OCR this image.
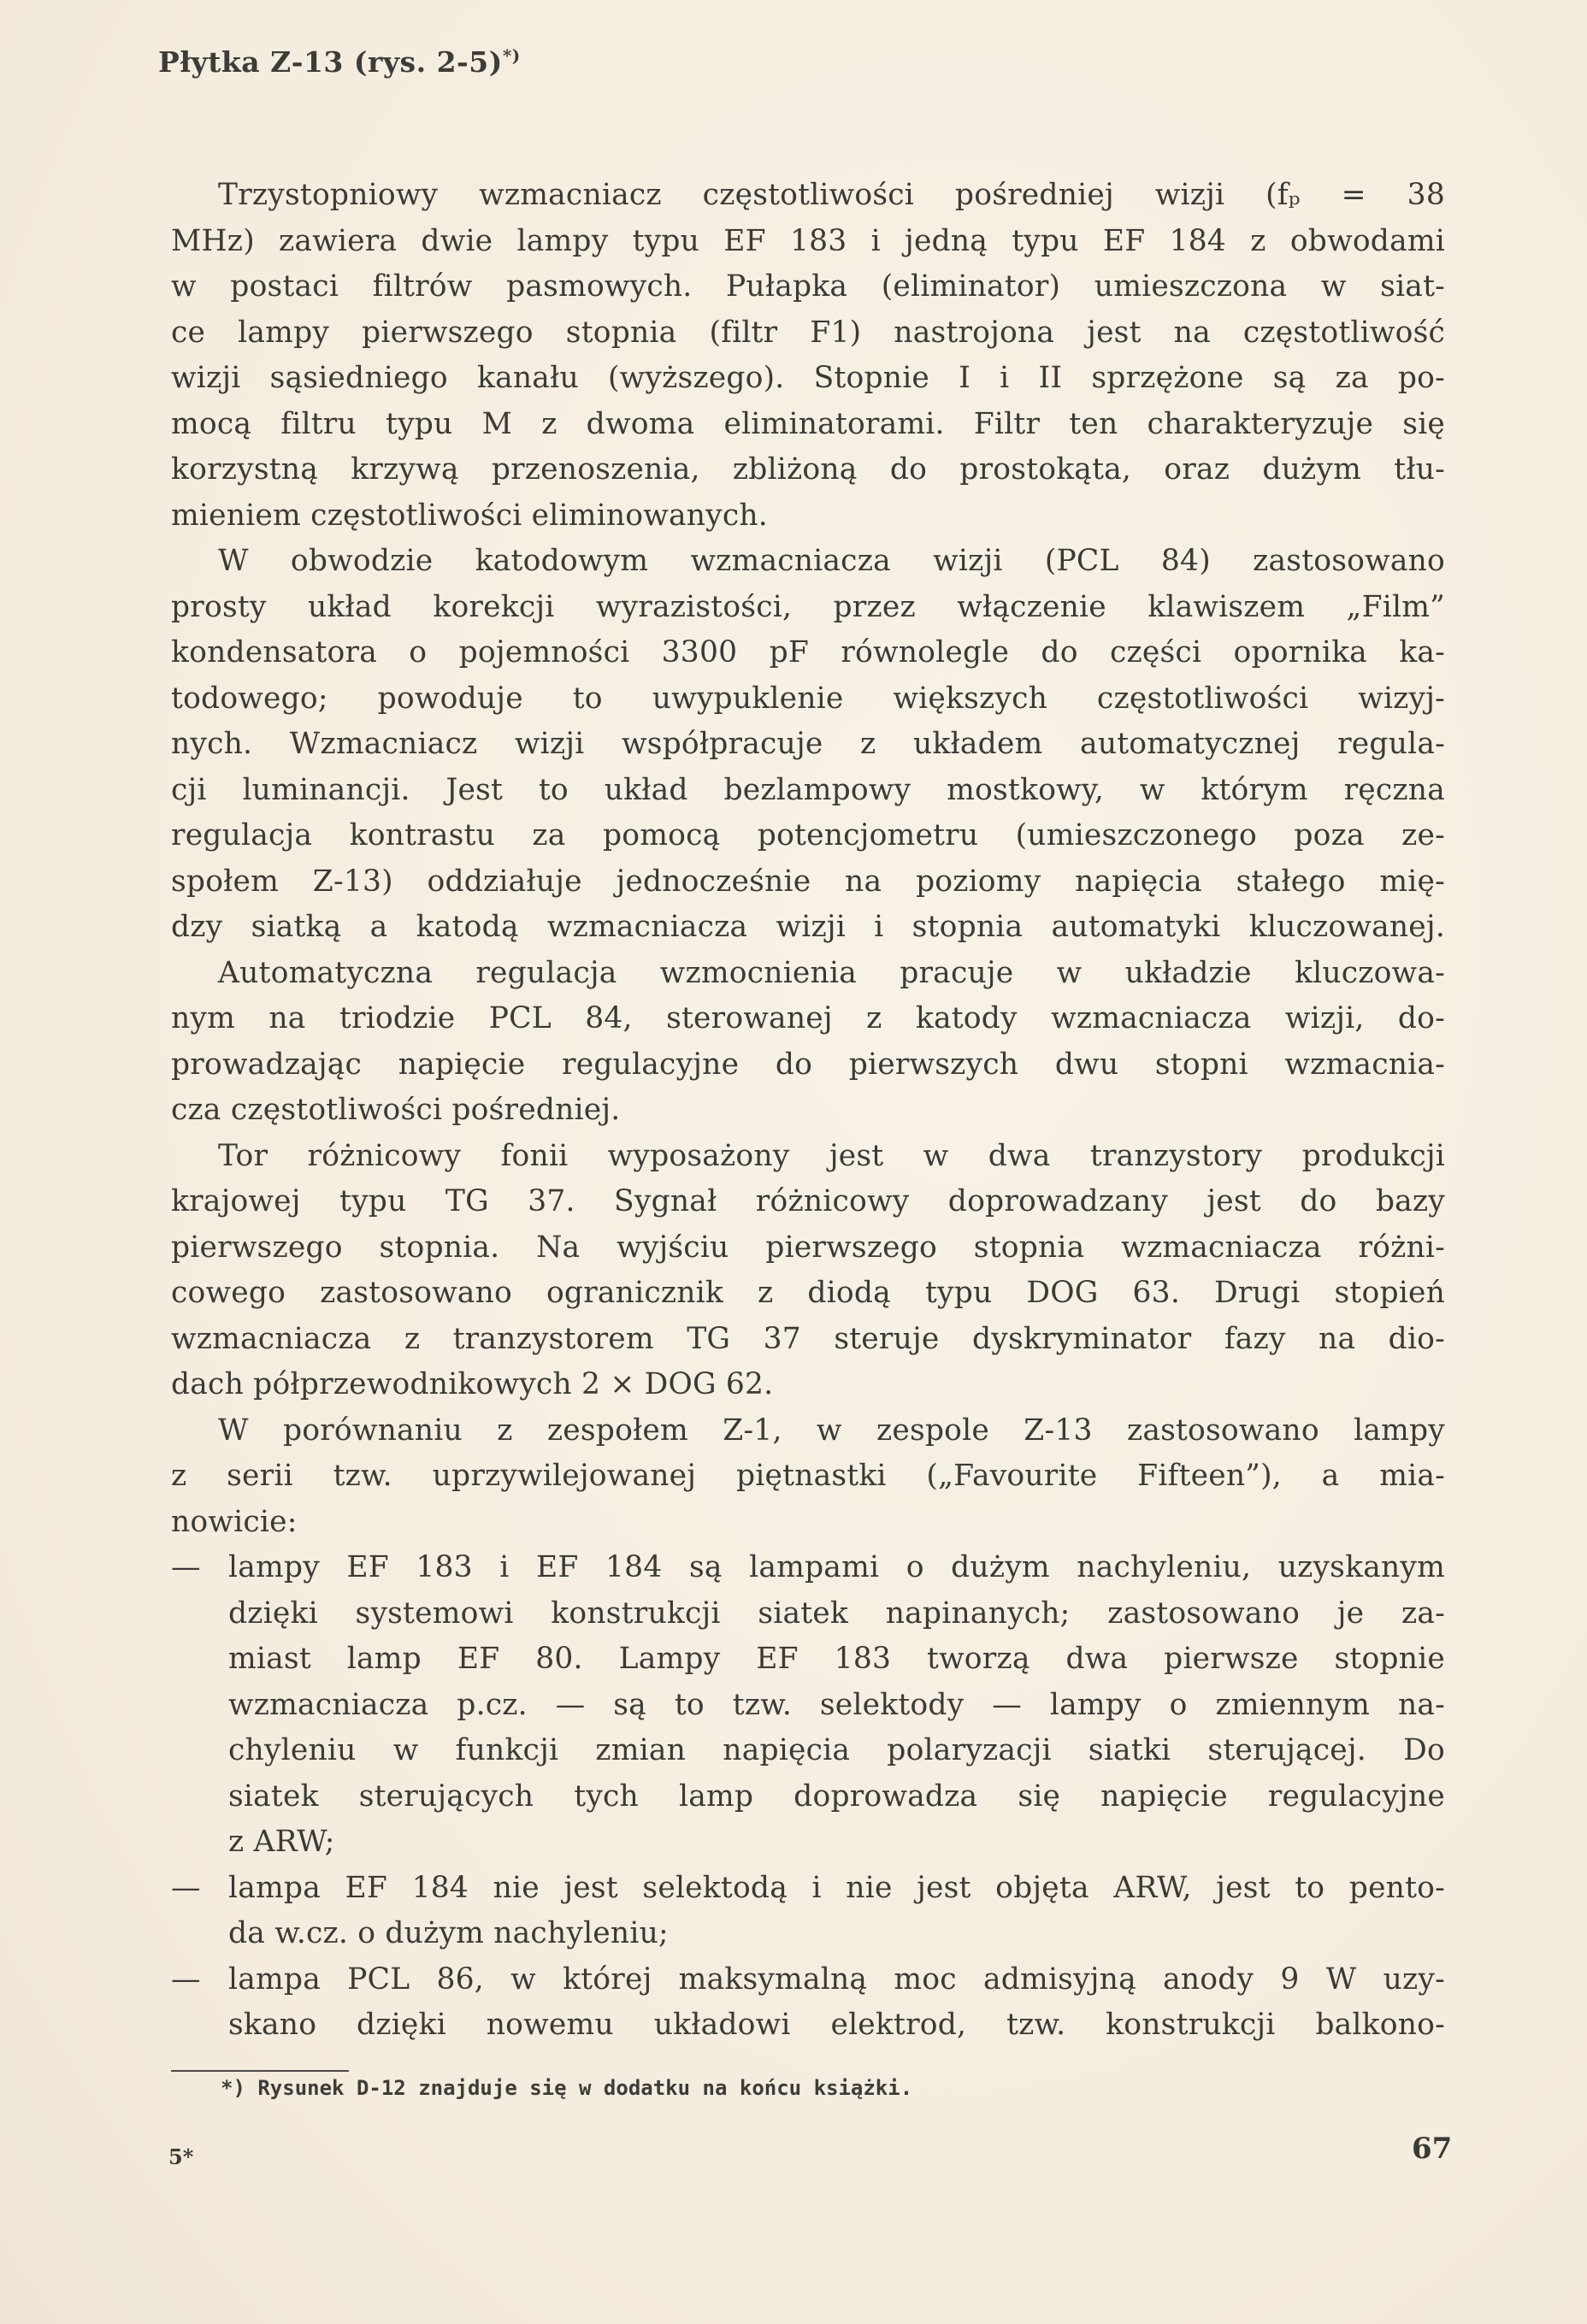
Płytka Z-13 (rys. 2-5)*)
Trzystopniowy wzmacniacz częstotliwości pośredniej wizji (fₚ = 38
MHz) zawiera dwie lampy typu EF 183 i jedną typu EF 184 z obwodami
w postaci filtrów pasmowych. Pułapka (eliminator) umieszczona w siat-
ce lampy pierwszego stopnia (filtr F1) nastrojona jest na częstotliwość
wizji sąsiedniego kanału (wyższego). Stopnie I i II sprzężone są za po-
mocą filtru typu M z dwoma eliminatorami. Filtr ten charakteryzuje się
korzystną krzywą przenoszenia, zbliżoną do prostokąta, oraz dużym tłu-
mieniem częstotliwości eliminowanych.
W obwodzie katodowym wzmacniacza wizji (PCL 84) zastosowano
prosty układ korekcji wyrazistości, przez włączenie klawiszem „Film”
kondensatora o pojemności 3300 pF równolegle do części opornika ka-
todowego; powoduje to uwypuklenie większych częstotliwości wizyj-
nych. Wzmacniacz wizji współpracuje z układem automatycznej regula-
cji luminancji. Jest to układ bezlampowy mostkowy, w którym ręczna
regulacja kontrastu za pomocą potencjometru (umieszczonego poza ze-
społem Z-13) oddziałuje jednocześnie na poziomy napięcia stałego mię-
dzy siatką a katodą wzmacniacza wizji i stopnia automatyki kluczowanej.
Automatyczna regulacja wzmocnienia pracuje w układzie kluczowa-
nym na triodzie PCL 84, sterowanej z katody wzmacniacza wizji, do-
prowadzając napięcie regulacyjne do pierwszych dwu stopni wzmacnia-
cza częstotliwości pośredniej.
Tor różnicowy fonii wyposażony jest w dwa tranzystory produkcji
krajowej typu TG 37. Sygnał różnicowy doprowadzany jest do bazy
pierwszego stopnia. Na wyjściu pierwszego stopnia wzmacniacza różni-
cowego zastosowano ogranicznik z diodą typu DOG 63. Drugi stopień
wzmacniacza z tranzystorem TG 37 steruje dyskryminator fazy na dio-
dach półprzewodnikowych 2 × DOG 62.
W porównaniu z zespołem Z-1, w zespole Z-13 zastosowano lampy
z serii tzw. uprzywilejowanej piętnastki („Favourite Fifteen”), a mia-
nowicie:
— lampy EF 183 i EF 184 są lampami o dużym nachyleniu, uzyskanym
dzięki systemowi konstrukcji siatek napinanych; zastosowano je za-
miast lamp EF 80. Lampy EF 183 tworzą dwa pierwsze stopnie
wzmacniacza p.cz. — są to tzw. selektody — lampy o zmiennym na-
chyleniu w funkcji zmian napięcia polaryzacji siatki sterującej. Do
siatek sterujących tych lamp doprowadza się napięcie regulacyjne
z ARW;
— lampa EF 184 nie jest selektodą i nie jest objęta ARW, jest to pento-
da w.cz. o dużym nachyleniu;
— lampa PCL 86, w której maksymalną moc admisyjną anody 9 W uzy-
skano dzięki nowemu układowi elektrod, tzw. konstrukcji balkono-
*) Rysunek D-12 znajduje się w dodatku na końcu książki.
5*	67
